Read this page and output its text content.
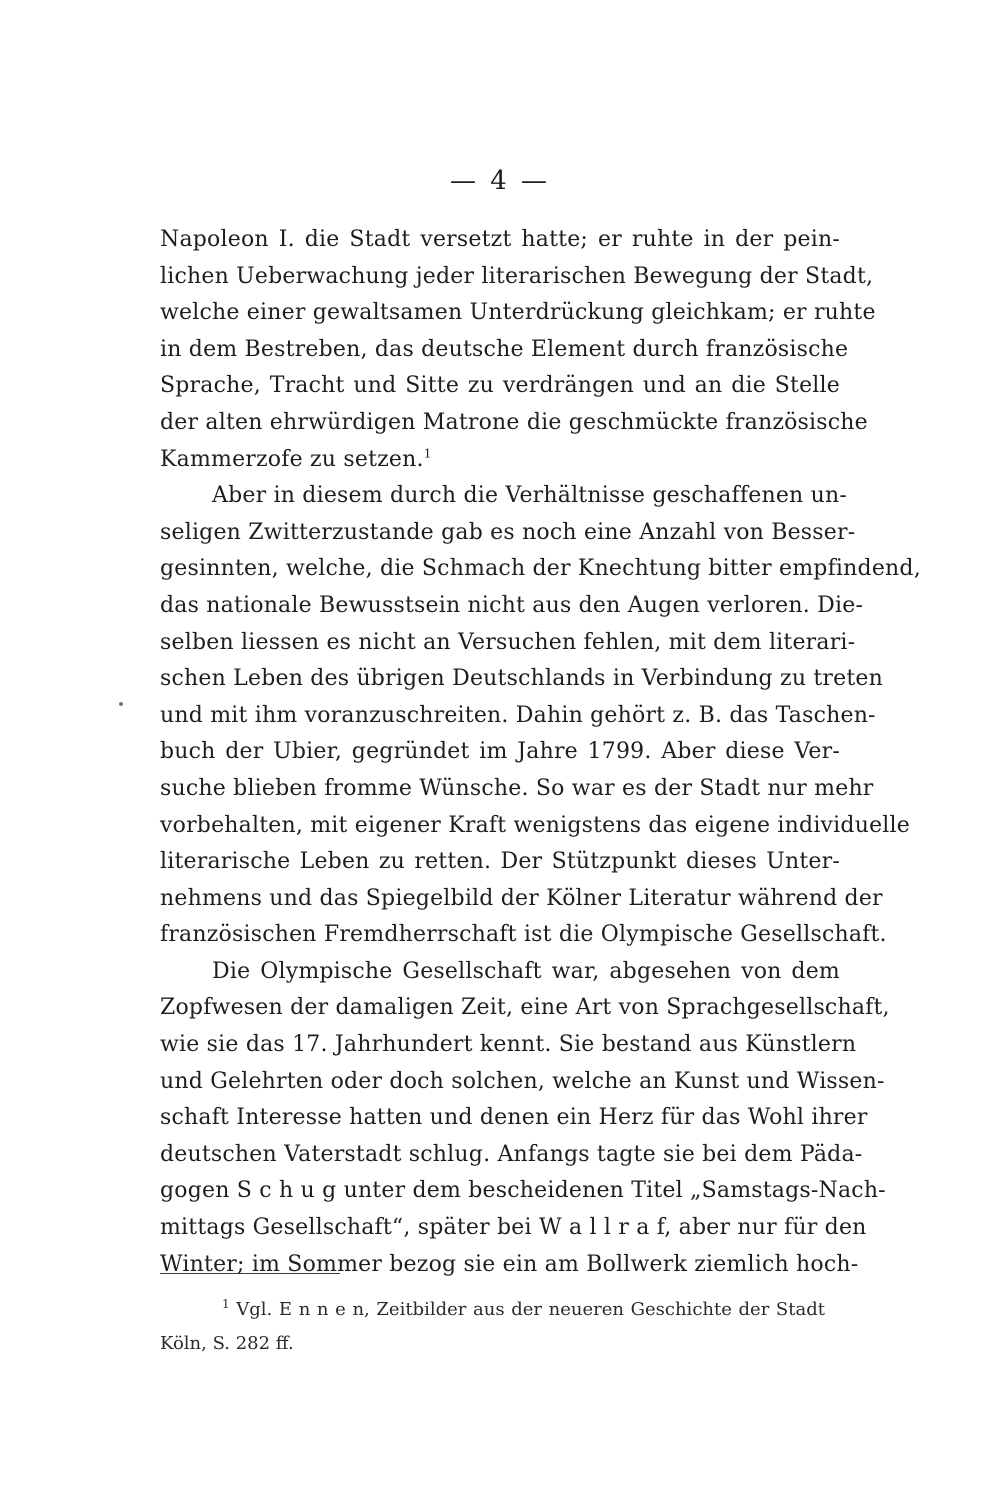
— 4 —
Napoleon I. die Stadt versetzt hatte; er ruhte in der pein-
lichen Ueberwachung jeder literarischen Bewegung der Stadt,
welche einer gewaltsamen Unterdrückung gleichkam; er ruhte
in dem Bestreben, das deutsche Element durch französische
Sprache, Tracht und Sitte zu verdrängen und an die Stelle
der alten ehrwürdigen Matrone die geschmückte französische
Kammerzofe zu setzen.$^1$
Aber in diesem durch die Verhältnisse geschaffenen un-
seligen Zwitterzustande gab es noch eine Anzahl von Besser-
gesinnten, welche, die Schmach der Knechtung bitter empfindend,
das nationale Bewusstsein nicht aus den Augen verloren. Die-
selben liessen es nicht an Versuchen fehlen, mit dem literari-
schen Leben des übrigen Deutschlands in Verbindung zu treten
und mit ihm voranzuschreiten. Dahin gehört z. B. das Taschen-
buch der Ubier, gegründet im Jahre 1799. Aber diese Ver-
suche blieben fromme Wünsche. So war es der Stadt nur mehr
vorbehalten, mit eigener Kraft wenigstens das eigene individuelle
literarische Leben zu retten. Der Stützpunkt dieses Unter-
nehmens und das Spiegelbild der Kölner Literatur während der
französischen Fremdherrschaft ist die Olympische Gesellschaft.
Die Olympische Gesellschaft war, abgesehen von dem
Zopfwesen der damaligen Zeit, eine Art von Sprachgesellschaft,
wie sie das 17. Jahrhundert kennt. Sie bestand aus Künstlern
und Gelehrten oder doch solchen, welche an Kunst und Wissen-
schaft Interesse hatten und denen ein Herz für das Wohl ihrer
deutschen Vaterstadt schlug. Anfangs tagte sie bei dem Päda-
gogen S c h u g unter dem bescheidenen Titel „Samstags-Nach-
mittags Gesellschaft“, später bei W a l l r a f, aber nur für den
Winter; im Sommer bezog sie ein am Bollwerk ziemlich hoch-
$^1$ Vgl. E n n e n, Zeitbilder aus der neueren Geschichte der Stadt
Köln, S. 282 ff.
